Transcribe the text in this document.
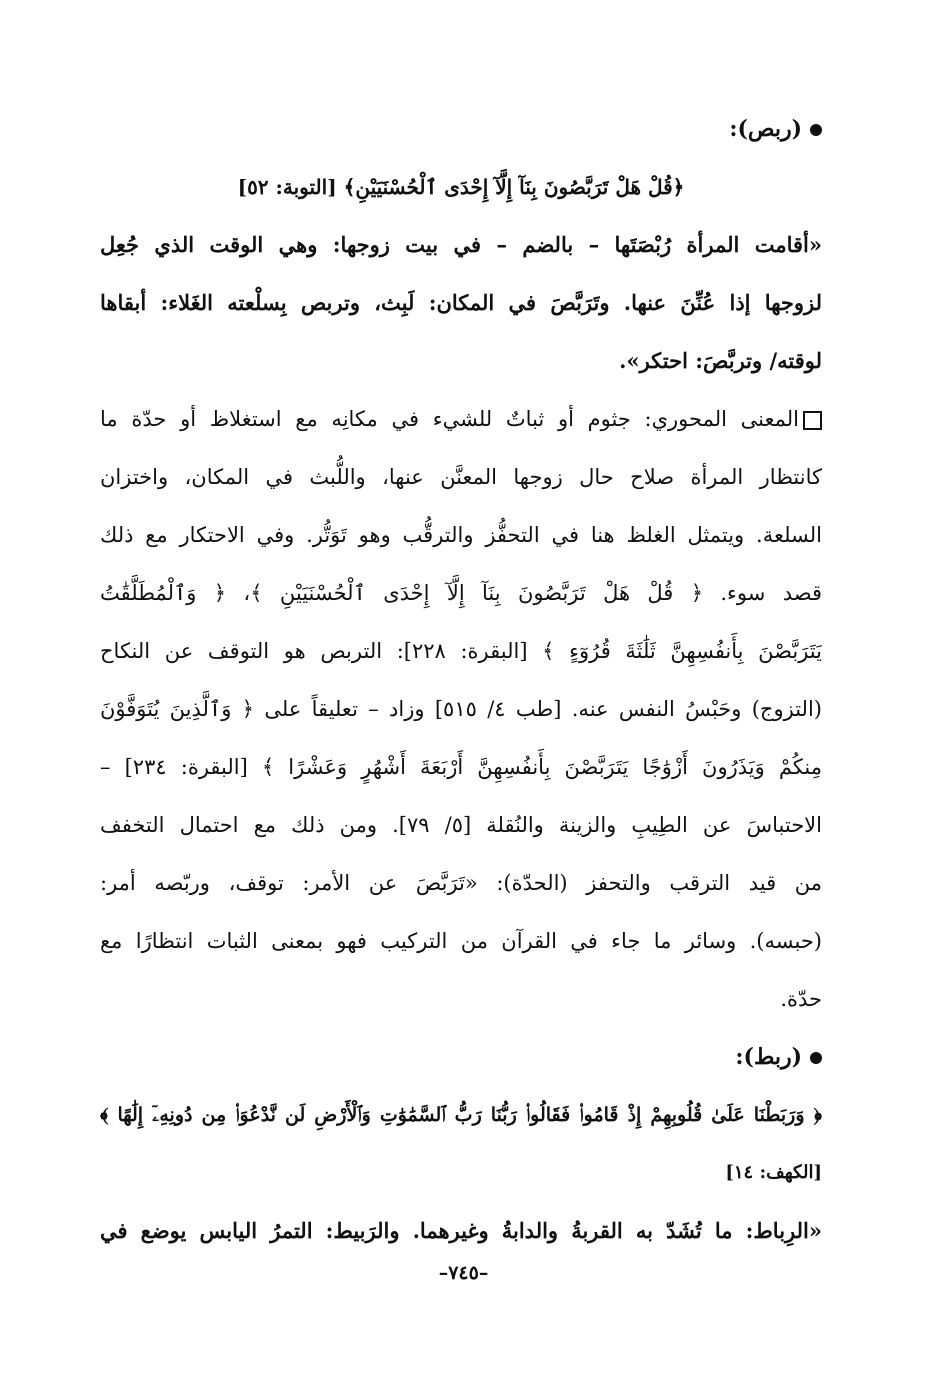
(ربص):
﴿قُلْ هَلْ تَرَبَّصُونَ بِنَآ إِلَّآ إِحْدَى ٱلْحُسْنَيَيْنِ﴾ [التوبة: ٥٢]
«أقامت المرأة رُبْصَتَها – بالضم – في بيت زوجها: وهي الوقت الذي جُعِل
لزوجها إذا عُنِّنَ عنها. وتَرَبَّصَ في المكان: لَبِث، وتربص بِسلْعته الغَلاء: أبقاها
لوقته/ وتربَّصَ: احتكر».
المعنى المحوري: جثوم أو ثباتٌ للشيء في مكانِه مع استغلاظ أو حدّة ما
كانتظار المرأة صلاح حال زوجها المعنَّن عنها، واللُّبث في المكان، واختزان
السلعة. ويتمثل الغلظ هنا في التحفُّز والترقُّب وهو تَوَتُّر. وفي الاحتكار مع ذلك
قصد سوء. ﴿ قُلْ هَلْ تَرَبَّصُونَ بِنَآ إِلَّآ إِحْدَى ٱلْحُسْنَيَيْنِ ﴾، ﴿ وَٱلْمُطَلَّقَٰتُ
يَتَرَبَّصْنَ بِأَنفُسِهِنَّ ثَلَٰثَةَ قُرُوٓءٍ ﴾ [البقرة: ٢٢٨]: التربص هو التوقف عن النكاح
(التزوج) وحَبْسُ النفس عنه. [طب ٤/ ٥١٥] وزاد – تعليقاً على ﴿ وَٱلَّذِينَ يُتَوَفَّوْنَ
مِنكُمْ وَيَذَرُونَ أَزْوَٰجًا يَتَرَبَّصْنَ بِأَنفُسِهِنَّ أَرْبَعَةَ أَشْهُرٍ وَعَشْرًا ﴾ [البقرة: ٢٣٤] –
الاحتباسَ عن الطِيبِ والزينة والنُقلة [٥/ ٧٩]. ومن ذلك مع احتمال التخفف
من قيد الترقب والتحفز (الحدّة): «تَرَبَّصَ عن الأمر: توقف، وربّصه أمر:
(حبسه). وسائر ما جاء في القرآن من التركيب فهو بمعنى الثبات انتظارًا مع
حدّة.
(ربط):
﴿ وَرَبَطْنَا عَلَىٰ قُلُوبِهِمْ إِذْ قَامُوا۟ فَقَالُوا۟ رَبُّنَا رَبُّ ٱلسَّمَٰوَٰتِ وَٱلْأَرْضِ لَن نَّدْعُوَا۟ مِن دُونِهِۦٓ إِلَٰهًا ﴾
[الكهف: ١٤]
«الرِباط: ما تُشَدّ به القربةُ والدابةُ وغيرهما. والرَبيط: التمرُ اليابس يوضع في
–٧٤٥–
